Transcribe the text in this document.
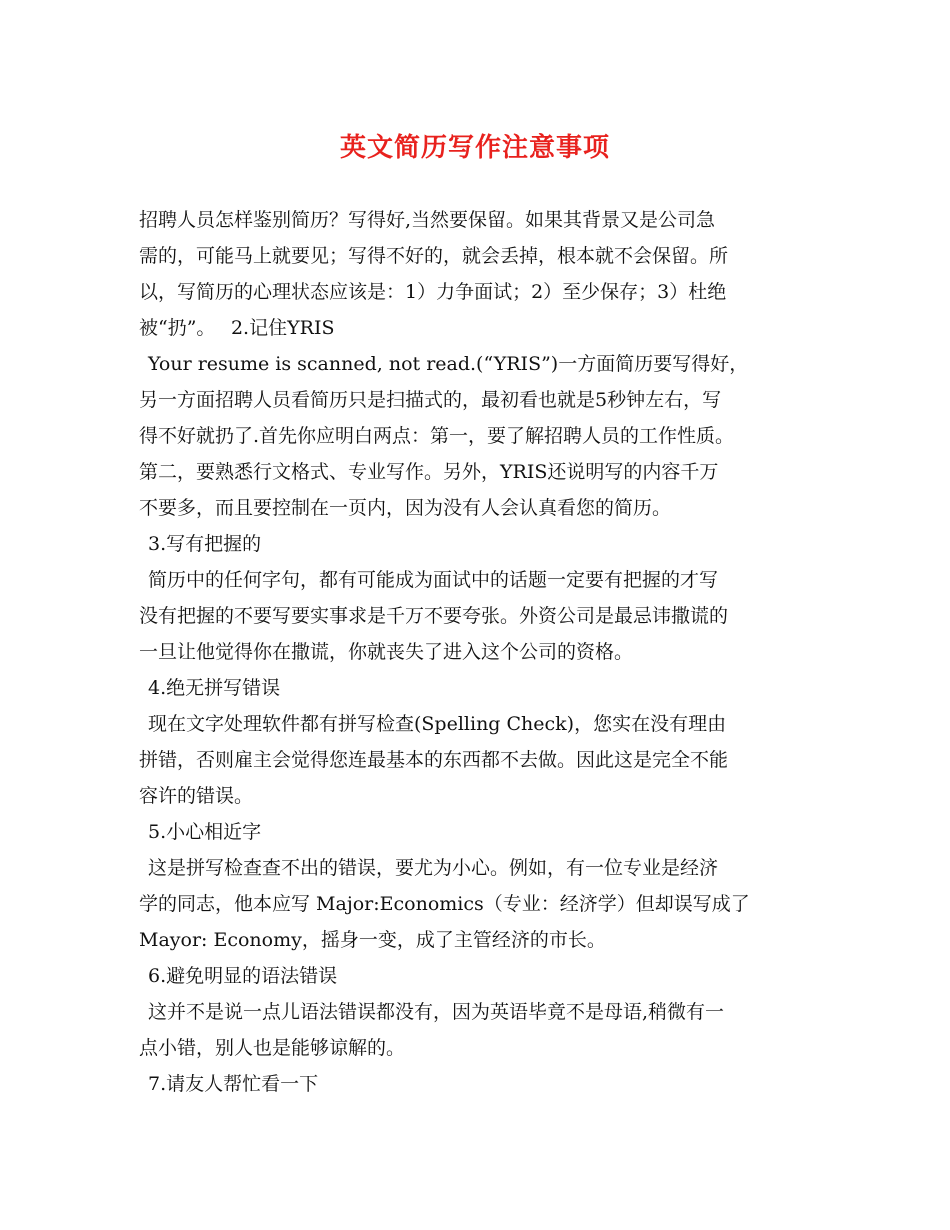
英文简历写作注意事项
招聘人员怎样鉴别简历？写得好,当然要保留。如果其背景又是公司急
需的，可能马上就要见；写得不好的，就会丢掉，根本就不会保留。所
以，写简历的心理状态应该是：1）力争面试；2）至少保存；3）杜绝
被“扔”。　 2.记住YRIS
Your resume is scanned, not read.(“YRIS”)一方面简历要写得好，
另一方面招聘人员看简历只是扫描式的，最初看也就是5秒钟左右，写
得不好就扔了.首先你应明白两点：第一，要了解招聘人员的工作性质。
第二，要熟悉行文格式、专业写作。另外，YRIS还说明写的内容千万
不要多，而且要控制在一页内，因为没有人会认真看您的简历。
3.写有把握的
简历中的任何字句，都有可能成为面试中的话题一定要有把握的才写
没有把握的不要写要实事求是千万不要夸张。外资公司是最忌讳撒谎的
一旦让他觉得你在撒谎，你就丧失了进入这个公司的资格。
4.绝无拼写错误
现在文字处理软件都有拼写检查(Spelling Check)，您实在没有理由
拼错，否则雇主会觉得您连最基本的东西都不去做。因此这是完全不能
容许的错误。
5.小心相近字
这是拼写检查查不出的错误，要尤为小心。例如，有一位专业是经济
学的同志，他本应写 Major:Economics（专业：经济学）但却误写成了
Mayor: Economy，摇身一变，成了主管经济的市长。
6.避免明显的语法错误
这并不是说一点儿语法错误都没有，因为英语毕竟不是母语,稍微有一
点小错，别人也是能够谅解的。
7.请友人帮忙看一下
